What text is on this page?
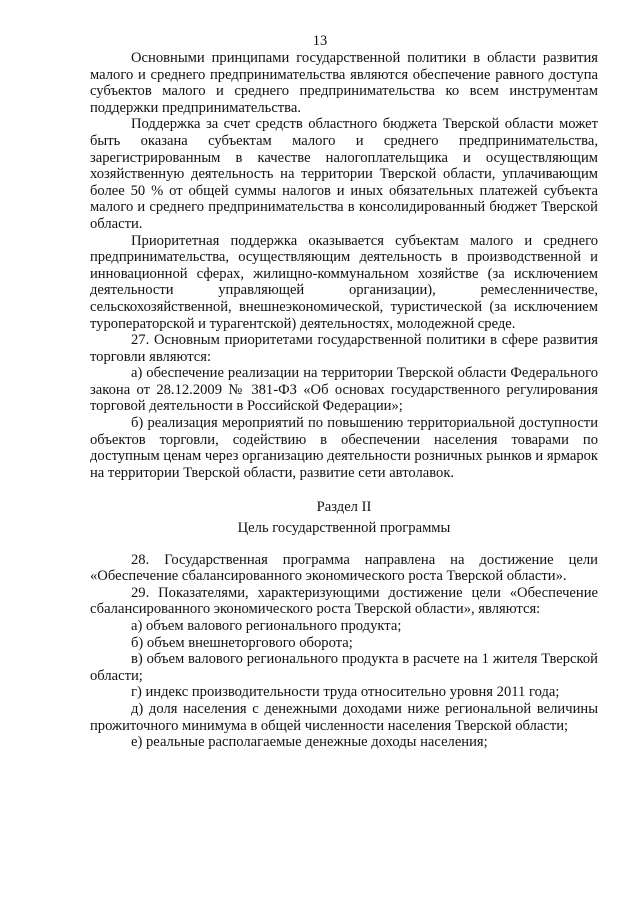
13

Основными принципами государственной политики в области развития малого и среднего предпринимательства являются обеспечение равного доступа субъектов малого и среднего предпринимательства ко всем инструментам поддержки предпринимательства.

Поддержка за счет средств областного бюджета Тверской области может быть оказана субъектам малого и среднего предпринимательства, зарегистрированным в качестве налогоплательщика и осуществляющим хозяйственную деятельность на территории Тверской области, уплачивающим более 50 % от общей суммы налогов и иных обязательных платежей субъекта малого и среднего предпринимательства в консолидированный бюджет Тверской области.

Приоритетная поддержка оказывается субъектам малого и среднего предпринимательства, осуществляющим деятельность в производственной и инновационной сферах, жилищно-коммунальном хозяйстве (за исключением деятельности управляющей организации), ремесленничестве, сельскохозяйственной, внешнеэкономической, туристической (за исключением туроператорской и турагентской) деятельностях, молодежной среде.

27. Основным приоритетами государственной политики в сфере развития торговли являются:

а) обеспечение реализации на территории Тверской области Федерального закона от 28.12.2009 № 381-ФЗ «Об основах государственного регулирования торговой деятельности в Российской Федерации»;

б) реализация мероприятий по повышению территориальной доступности объектов торговли, содействию в обеспечении населения товарами по доступным ценам через организацию деятельности розничных рынков и ярмарок на территории Тверской области, развитие сети автолавок.

Раздел II

Цель государственной программы

28. Государственная программа направлена на достижение цели «Обеспечение сбалансированного экономического роста Тверской области».

29. Показателями, характеризующими достижение цели «Обеспечение сбалансированного экономического роста Тверской области», являются:

а) объем валового регионального продукта;

б) объем внешнеторгового оборота;

в) объем валового регионального продукта в расчете на 1 жителя Тверской области;

г) индекс производительности труда относительно уровня 2011 года;

д) доля населения с денежными доходами ниже региональной величины прожиточного минимума в общей численности населения Тверской области;

е) реальные располагаемые денежные доходы населения;
